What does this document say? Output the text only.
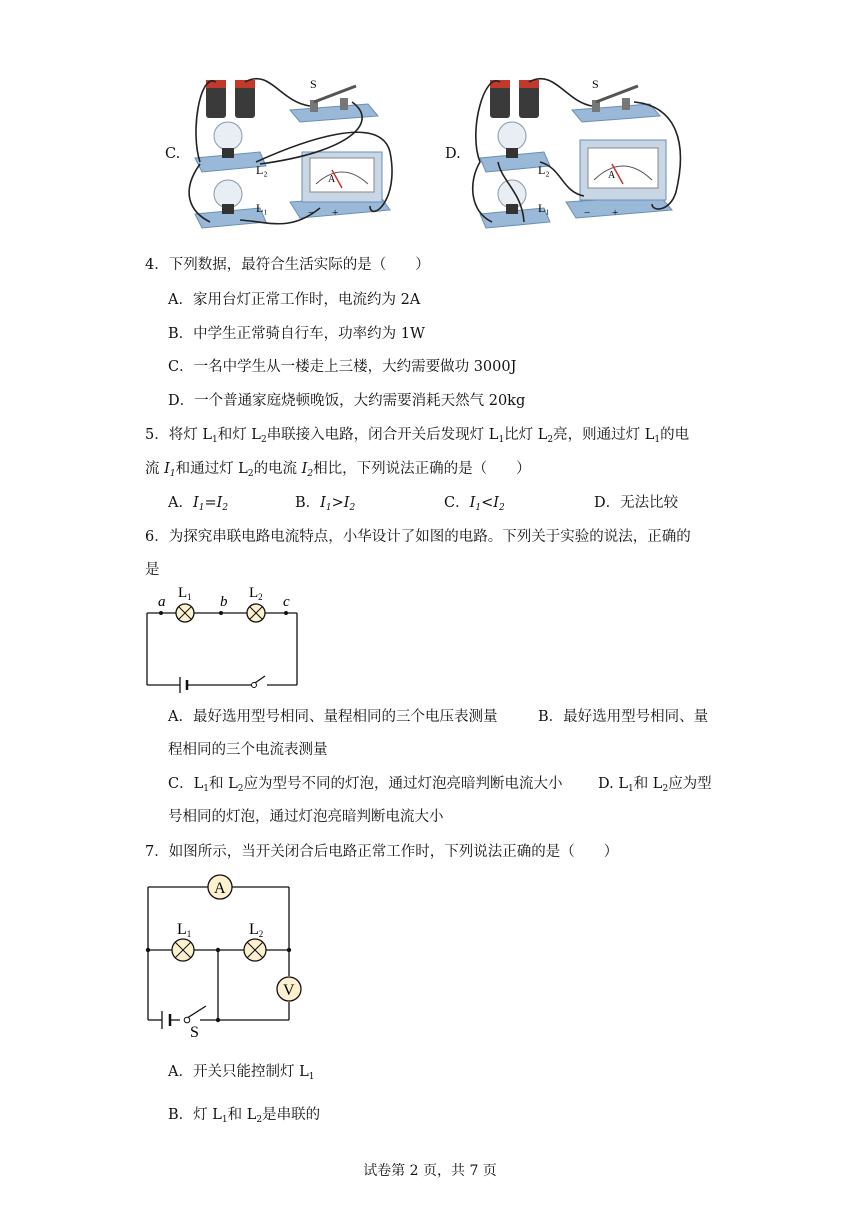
C.
S
L₂
L₁
A
− +
D.
S
L₂
L₁
A
− +
4．下列数据，最符合生活实际的是（　　）
A．家用台灯正常工作时，电流约为 2A
B．中学生正常骑自行车，功率约为 1W
C．一名中学生从一楼走上三楼，大约需要做功 3000J
D．一个普通家庭烧顿晚饭，大约需要消耗天然气 20kg
5．将灯 $L_1$和灯 $L_2$串联接入电路，闭合开关后发现灯 $L_1$比灯 $L_2$亮，则通过灯 $L_1$的电
流 $I_1$和通过灯 $L_2$的电流 $I_2$相比，下列说法正确的是（　　）
A．$I_1=I_2$	B．$I_1>I_2$	C．$I_1<I_2$	D．无法比较
6．为探究串联电路电流特点，小华设计了如图的电路。下列关于实验的说法，正确的
是
a	b	c
$L_1$	$L_2$
A．最好选用型号相同、量程相同的三个电压表测量	B．最好选用型号相同、量
程相同的三个电流表测量
C．$L_1$和 $L_2$应为型号不同的灯泡，通过灯泡亮暗判断电流大小 D. $L_1$和 $L_2$应为型
号相同的灯泡，通过灯泡亮暗判断电流大小
7．如图所示，当开关闭合后电路正常工作时，下列说法正确的是（　　）
A
V
L1	L2
S
A．开关只能控制灯 $L_1$
B．灯 $L_1$和 $L_2$是串联的
试卷第 2 页，共 7 页
